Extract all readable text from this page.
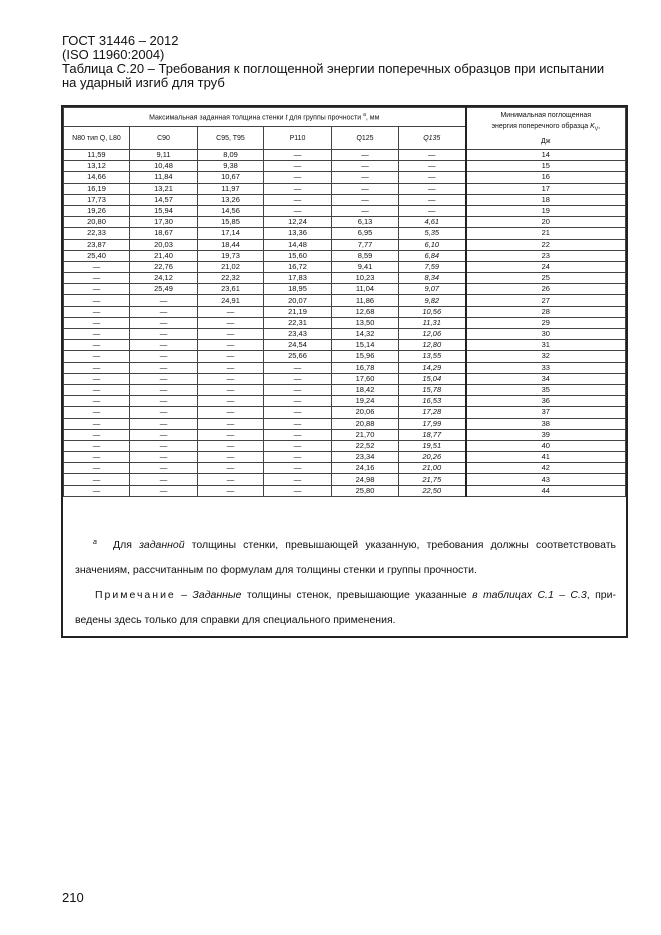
ГОСТ 31446 – 2012
(ISO 11960:2004)
Таблица С.20 – Требования к поглощенной энергии поперечных образцов при испытании
на ударный изгиб для труб
Максимальная заданная толщина стенки t для группы прочности $^a$, мм						Минимальная поглощенная
энергия поперечного образца $K_V$,
Дж
N80 тип Q, L80	C90	C95, T95	P110	Q125	Q135	
11,59	9,11	8,09	—	—	—	14
13,12	10,48	9,38	—	—	—	15
14,66	11,84	10,67	—	—	—	16
16,19	13,21	11,97	—	—	—	17
17,73	14,57	13,26	—	—	—	18
19,26	15,94	14,56	—	—	—	19
20,80	17,30	15,85	12,24	6,13	4,61	20
22,33	18,67	17,14	13,36	6,95	5,35	21
23,87	20,03	18,44	14,48	7,77	6,10	22
25,40	21,40	19,73	15,60	8,59	6,84	23
—	22,76	21,02	16,72	9,41	7,59	24
—	24,12	22,32	17,83	10,23	8,34	25
—	25,49	23,61	18,95	11,04	9,07	26
—	—	24,91	20,07	11,86	9,82	27
—	—	—	21,19	12,68	10,56	28
—	—	—	22,31	13,50	11,31	29
—	—	—	23,43	14,32	12,06	30
—	—	—	24,54	15,14	12,80	31
—	—	—	25,66	15,96	13,55	32
—	—	—	—	16,78	14,29	33
—	—	—	—	17,60	15,04	34
—	—	—	—	18,42	15,78	35
—	—	—	—	19,24	16,53	36
—	—	—	—	20,06	17,28	37
—	—	—	—	20,88	17,99	38
—	—	—	—	21,70	18,77	39
—	—	—	—	22,52	19,51	40
—	—	—	—	23,34	20,26	41
—	—	—	—	24,16	21,00	42
—	—	—	—	24,98	21,75	43
—	—	—	—	25,80	22,50	44
a	Для заданной толщины стенки, превышающей указанную, требования должны соответствовать
значениям, рассчитанным по формулам для толщины стенки и группы прочности.
Примечание – Заданные толщины стенок, превышающие указанные в таблицах С.1 – С.3, при-
ведены здесь только для справки для специального применения.
210
